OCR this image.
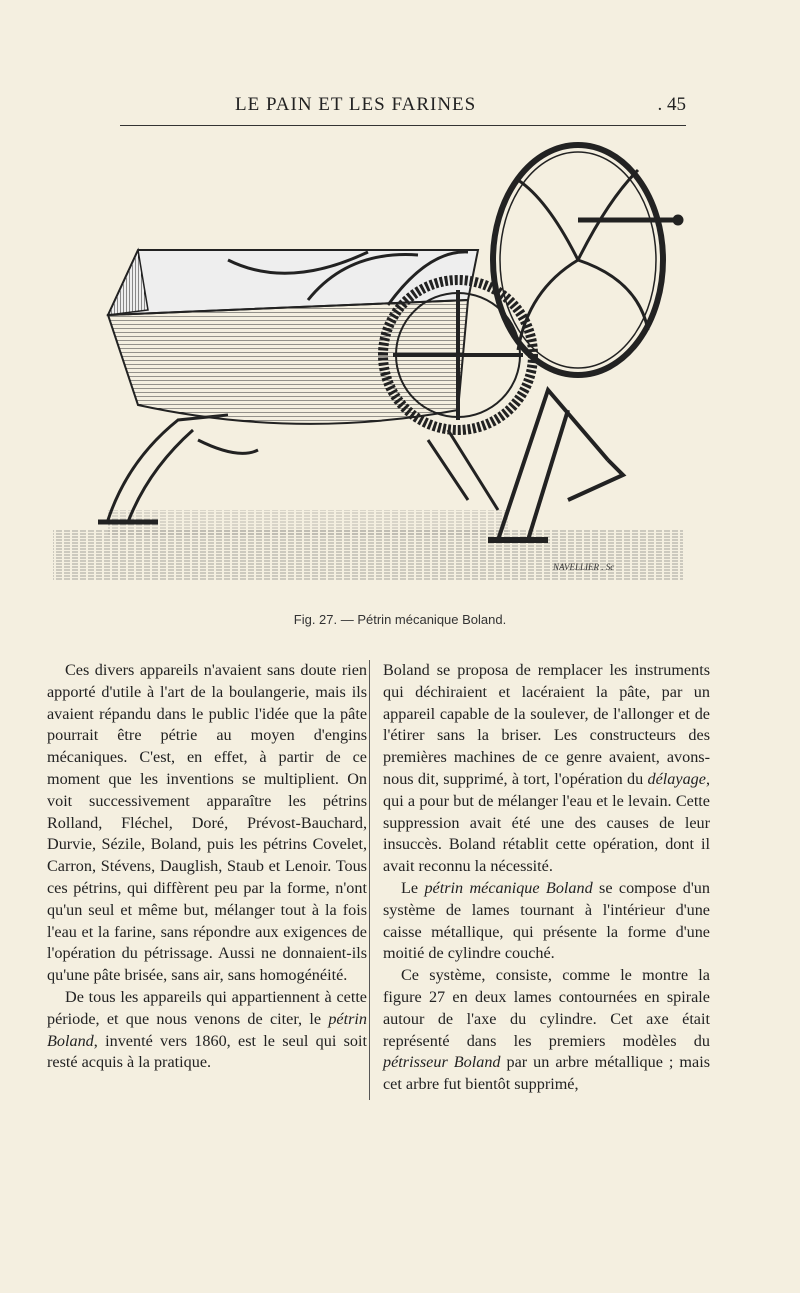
LE PAIN ET LES FARINES	. 45
NAVELLIER . Sc
Fig. 27. — Pétrin mécanique Boland.

Ces divers appareils n'avaient sans doute rien apporté d'utile à l'art de la boulangerie, mais ils avaient répandu dans le public l'idée que la pâte pourrait être pétrie au moyen d'engins mécaniques. C'est, en effet, à partir de ce moment que les inventions se multiplient. On voit successivement apparaître les pétrins Rolland, Fléchel, Doré, Prévost-Bauchard, Durvie, Sézile, Boland, puis les pétrins Covelet, Carron, Stévens, Dauglish, Staub et Lenoir. Tous ces pétrins, qui diffèrent peu par la forme, n'ont qu'un seul et même but, mélanger tout à la fois l'eau et la farine, sans répondre aux exigences de l'opération du pétrissage. Aussi ne donnaient-ils qu'une pâte brisée, sans air, sans homogénéité.

De tous les appareils qui appartiennent à cette période, et que nous venons de citer, le pétrin Boland, inventé vers 1860, est le seul qui soit resté acquis à la pratique.

Boland se proposa de remplacer les instruments qui déchiraient et lacéraient la pâte, par un appareil capable de la soulever, de l'allonger et de l'étirer sans la briser. Les constructeurs des premières machines de ce genre avaient, avons-nous dit, supprimé, à tort, l'opération du délayage, qui a pour but de mélanger l'eau et le levain. Cette suppression avait été une des causes de leur insuccès. Boland rétablit cette opération, dont il avait reconnu la nécessité.

Le pétrin mécanique Boland se compose d'un système de lames tournant à l'intérieur d'une caisse métallique, qui présente la forme d'une moitié de cylindre couché.

Ce système, consiste, comme le montre la figure 27 en deux lames contournées en spirale autour de l'axe du cylindre. Cet axe était représenté dans les premiers modèles du pétrisseur Boland par un arbre métallique ; mais cet arbre fut bientôt supprimé,
